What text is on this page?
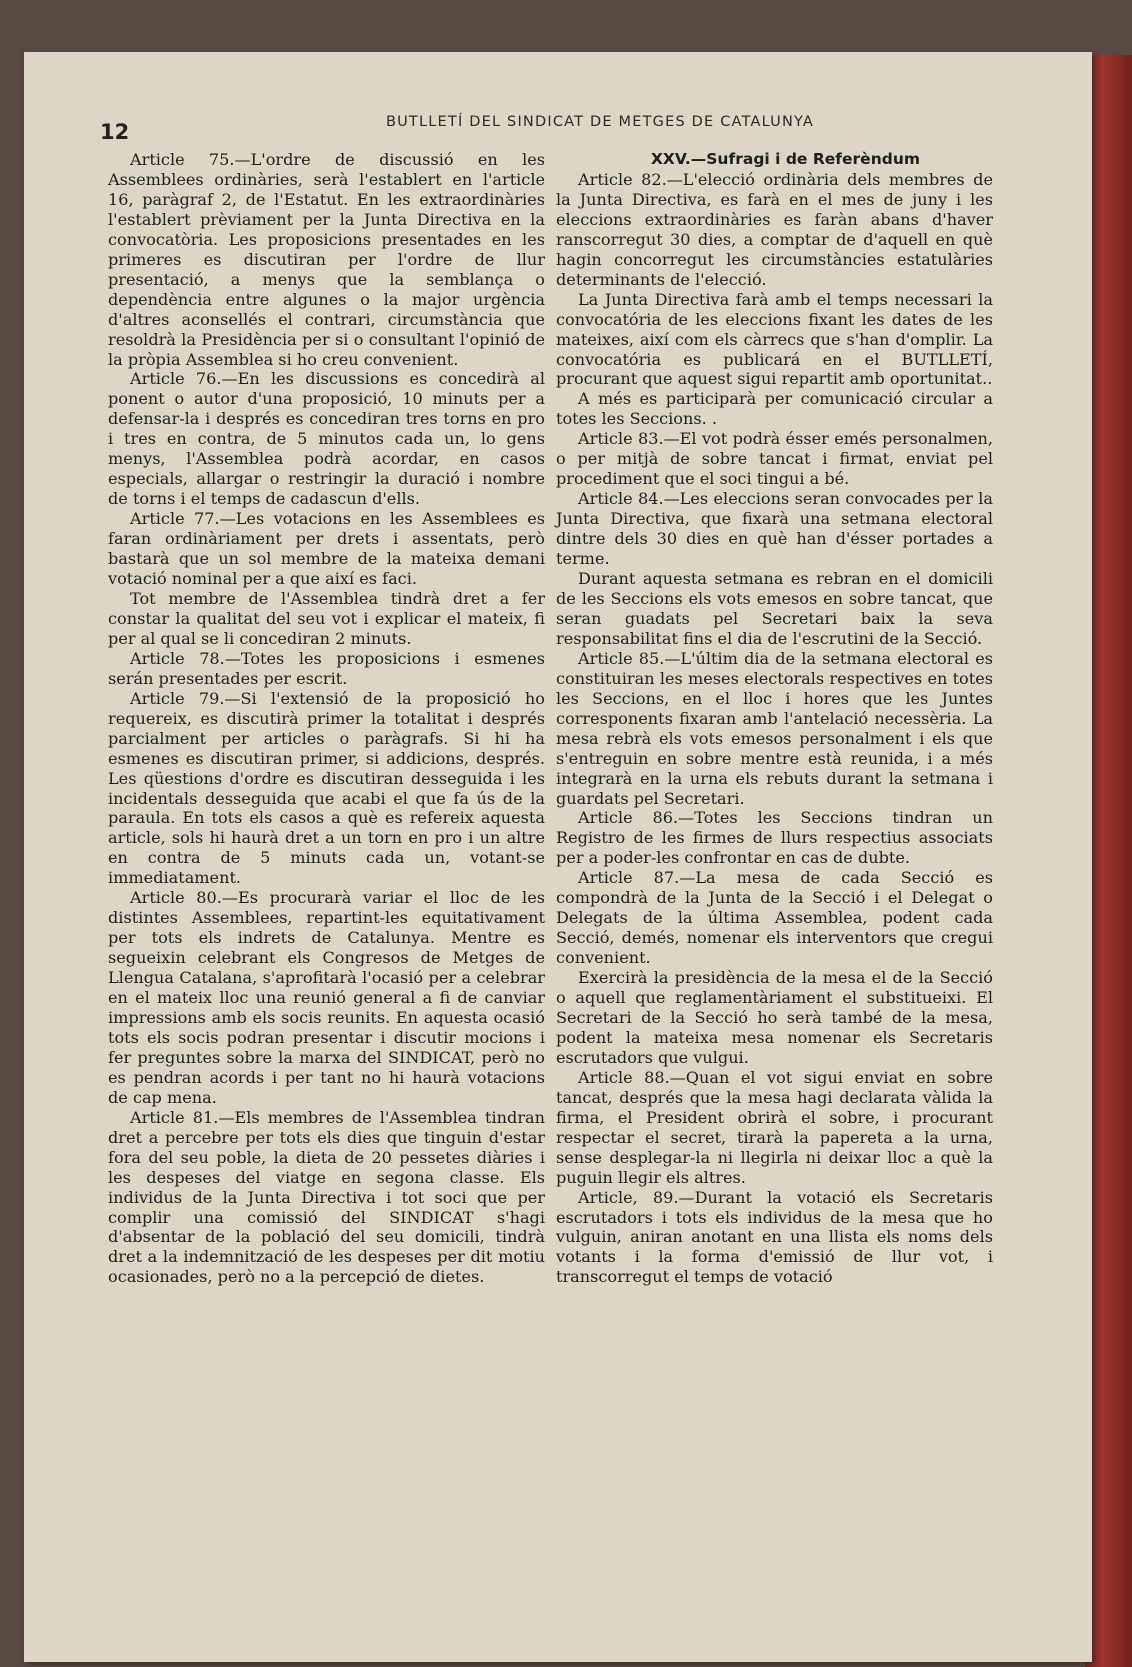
12	BUTLLETÍ DEL SINDICAT DE METGES DE CATALUNYA

Article 75.—L'ordre de discussió en les Assemblees ordinàries, serà l'establert en l'article 16, paràgraf 2, de l'Estatut. En les extraordinàries l'establert prèviament per la Junta Directiva en la convocatòria. Les proposicions presentades en les primeres es discutiran per l'ordre de llur presentació, a menys que la semblança o dependència entre algunes o la major urgència d'altres aconsellés el contrari, circumstància que resoldrà la Presidència per si o consultant l'opinió de la pròpia Assemblea si ho creu convenient.

Article 76.—En les discussions es concedirà al ponent o autor d'una proposició, 10 minuts per a defensar-la i després es concediran tres torns en pro i tres en contra, de 5 minutos cada un, lo gens menys, l'Assemblea podrà acordar, en casos especials, allargar o restringir la duració i nombre de torns i el temps de cadascun d'ells.

Article 77.—Les votacions en les Assemblees es faran ordinàriament per drets i assentats, però bastarà que un sol membre de la mateixa demani votació nominal per a que així es faci.

Tot membre de l'Assemblea tindrà dret a fer constar la qualitat del seu vot i explicar el mateix, fi per al qual se li concediran 2 minuts.

Article 78.—Totes les proposicions i esmenes serán presentades per escrit.

Article 79.—Si l'extensió de la proposició ho requereix, es discutirà primer la totalitat i després parcialment per articles o paràgrafs. Si hi ha esmenes es discutiran primer, si addicions, després. Les qüestions d'ordre es discutiran desseguida i les incidentals desseguida que acabi el que fa ús de la paraula. En tots els casos a què es refereix aquesta article, sols hi haurà dret a un torn en pro i un altre en contra de 5 minuts cada un, votant-se immediatament.

Article 80.—Es procurarà variar el lloc de les distintes Assemblees, repartint-les equitativament per tots els indrets de Catalunya. Mentre es segueixin celebrant els Congresos de Metges de Llengua Catalana, s'aprofitarà l'ocasió per a celebrar en el mateix lloc una reunió general a fi de canviar impressions amb els socis reunits. En aquesta ocasió tots els socis podran presentar i discutir mocions i fer preguntes sobre la marxa del SINDICAT, però no es pendran acords i per tant no hi haurà votacions de cap mena.

Article 81.—Els membres de l'Assemblea tindran dret a percebre per tots els dies que tinguin d'estar fora del seu poble, la dieta de 20 pessetes diàries i les despeses del viatge en segona classe. Els individus de la Junta Directiva i tot soci que per complir una comissió del SINDICAT s'hagi d'absentar de la població del seu domicili, tindrà dret a la indemnització de les despeses per dit motiu ocasionades, però no a la percepció de dietes.

XXV.—Sufragi i de Referèndum

Article 82.—L'elecció ordinària dels membres de la Junta Directiva, es farà en el mes de juny i les eleccions extraordinàries es faràn abans d'haver ranscorregut 30 dies, a comptar de d'aquell en què hagin concorregut les circumstàncies estatulàries determinants de l'elecció.

La Junta Directiva farà amb el temps necessari la convocatória de les eleccions fixant les dates de les mateixes, així com els càrrecs que s'han d'omplir. La convocatória es publicará en el BUTLLETÍ, procurant que aquest sigui repartit amb oportunitat..

A més es participarà per comunicació circular a totes les Seccions. .

Article 83.—El vot podrà ésser emés personalmen, o per mitjà de sobre tancat i firmat, enviat pel procediment que el soci tingui a bé.

Article 84.—Les eleccions seran convocades per la Junta Directiva, que fixarà una setmana electoral dintre dels 30 dies en què han d'ésser portades a terme.

Durant aquesta setmana es rebran en el domicili de les Seccions els vots emesos en sobre tancat, que seran guadats pel Secretari baix la seva responsabilitat fins el dia de l'escrutini de la Secció.

Article 85.—L'últim dia de la setmana electoral es constituiran les meses electorals respectives en totes les Seccions, en el lloc i hores que les Juntes corresponents fixaran amb l'antelació necessèria. La mesa rebrà els vots emesos personalment i els que s'entreguin en sobre mentre està reunida, i a més integrarà en la urna els rebuts durant la setmana i guardats pel Secretari.

Article 86.—Totes les Seccions tindran un Registro de les firmes de llurs respectius associats per a poder-les confrontar en cas de dubte.

Article 87.—La mesa de cada Secció es compondrà de la Junta de la Secció i el Delegat o Delegats de la última Assemblea, podent cada Secció, demés, nomenar els interventors que cregui convenient.

Exercirà la presidència de la mesa el de la Secció o aquell que reglamentàriament el substitueixi. El Secretari de la Secció ho serà també de la mesa, podent la mateixa mesa nomenar els Secretaris escrutadors que vulgui.

Article 88.—Quan el vot sigui enviat en sobre tancat, després que la mesa hagi declarata vàlida la firma, el President obrirà el sobre, i procurant respectar el secret, tirarà la papereta a la urna, sense desplegar-la ni llegirla ni deixar lloc a què la puguin llegir els altres.

Article, 89.—Durant la votació els Secretaris escrutadors i tots els individus de la mesa que ho vulguin, aniran anotant en una llista els noms dels votants i la forma d'emissió de llur vot, i transcorregut el temps de votació
